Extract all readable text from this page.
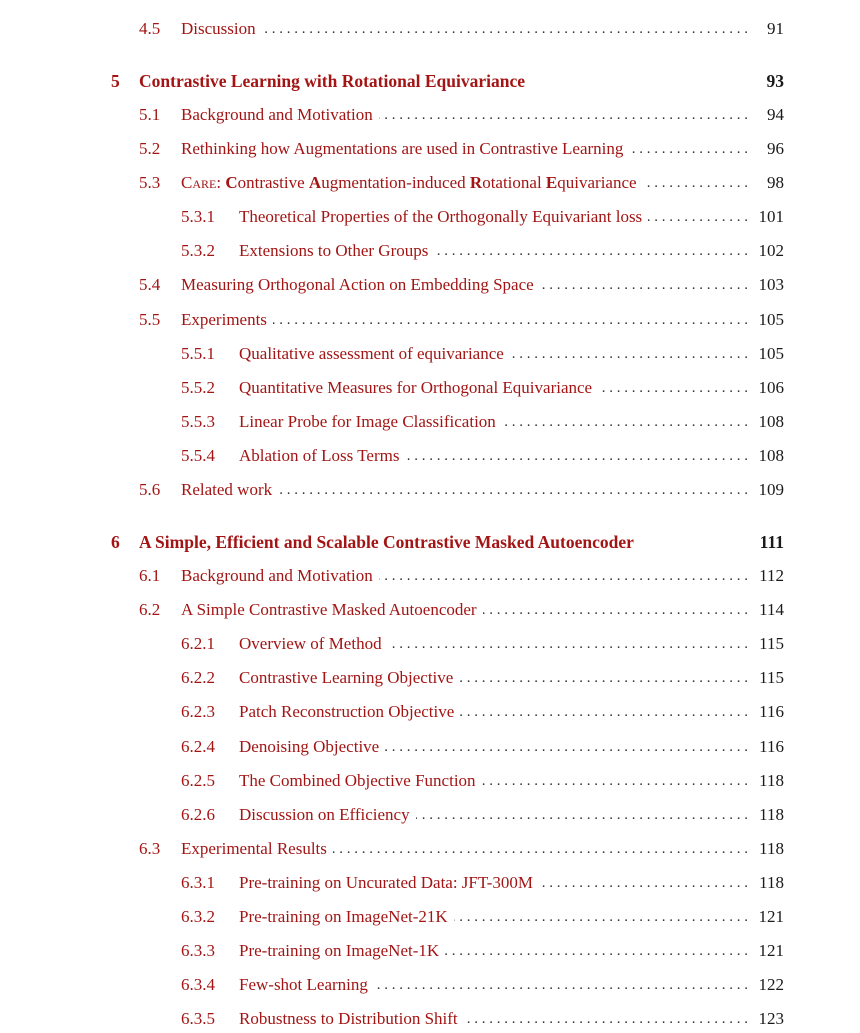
4.5 . . . Discussion	91
5 Contrastive Learning with Rotational Equivariance	93
5.1 . . . Background and Motivation	94
5.2 . . . Rethinking how Augmentations are used in Contrastive Learning	96
5.3 . . . Care: Contrastive Augmentation-induced Rotational Equivariance	98
5.3.1 . . . Theoretical Properties of the Orthogonally Equivariant loss	101
5.3.2 . . . Extensions to Other Groups	102
5.4 . . . Measuring Orthogonal Action on Embedding Space	103
5.5 . . . Experiments	105
5.5.1 . . . Qualitative assessment of equivariance	105
5.5.2 . . . Quantitative Measures for Orthogonal Equivariance	106
5.5.3 . . . Linear Probe for Image Classification	108
5.5.4 . . . Ablation of Loss Terms	108
5.6 . . . Related work	109
6 A Simple, Efficient and Scalable Contrastive Masked Autoencoder	111
6.1 . . . Background and Motivation	112
6.2 . . . A Simple Contrastive Masked Autoencoder	114
6.2.1 . . . Overview of Method	115
6.2.2 . . . Contrastive Learning Objective	115
6.2.3 . . . Patch Reconstruction Objective	116
6.2.4 . . . Denoising Objective	116
6.2.5 . . . The Combined Objective Function	118
6.2.6 . . . Discussion on Efficiency	118
6.3 . . . Experimental Results	118
6.3.1 . . . Pre-training on Uncurated Data: JFT-300M	118
6.3.2 . . . Pre-training on ImageNet-21K	121
6.3.3 . . . Pre-training on ImageNet-1K	121
6.3.4 . . . Few-shot Learning	122
6.3.5 . . . Robustness to Distribution Shift	123
